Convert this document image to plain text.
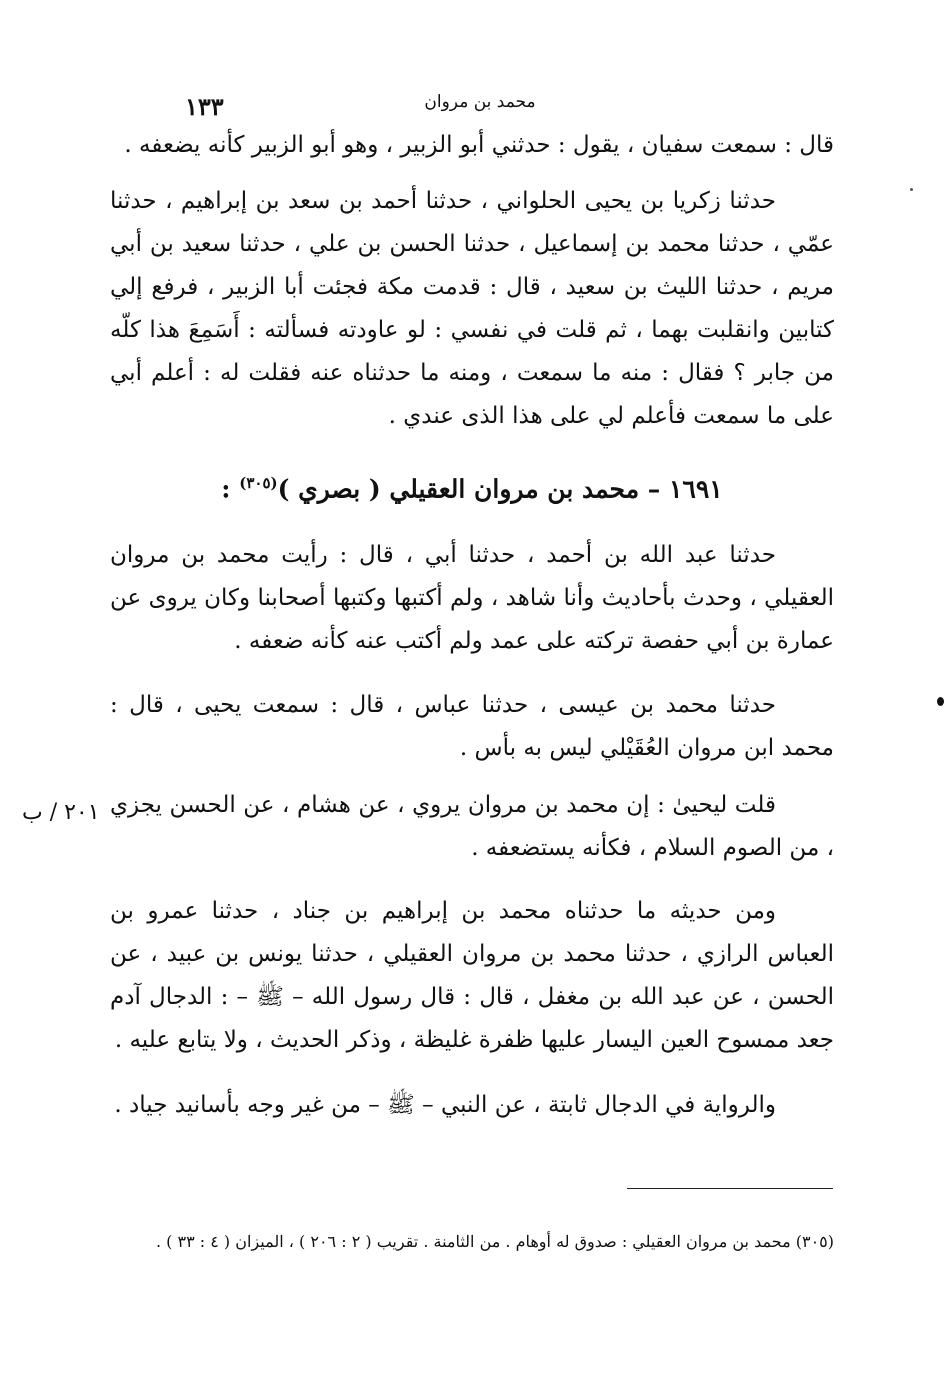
محمد بن مروان
١٣٣

قال : سمعت سفيان ، يقول : حدثني أبو الزبير ، وهو أبو الزبير كأنه يضعفه .

حدثنا زكريا بن يحيى الحلواني ، حدثنا أحمد بن سعد بن إبراهيم ، حدثنا عمّي ، حدثنا محمد بن إسماعيل ، حدثنا الحسن بن علي ، حدثنا سعيد بن أبي مريم ، حدثنا الليث بن سعيد ، قال : قدمت مكة فجئت أبا الزبير ، فرفع إلي كتابين وانقلبت بهما ، ثم قلت في نفسي : لو عاودته فسألته : أَسَمِعَ هذا كلّه من جابر ؟ فقال : منه ما سمعت ، ومنه ما حدثناه عنه فقلت له : أعلم أبي على ما سمعت فأعلم لي على هذا الذى عندي .

١٦٩١ – محمد بن مروان العقيلي ( بصري )$^{(٣٠٥)}$ :

حدثنا عبد الله بن أحمد ، حدثنا أبي ، قال : رأيت محمد بن مروان العقيلي ، وحدث بأحاديث وأنا شاهد ، ولم أكتبها وكتبها أصحابنا وكان يروى عن عمارة بن أبي حفصة تركته على عمد ولم أكتب عنه كأنه ضعفه .

حدثنا محمد بن عيسى ، حدثنا عباس ، قال : سمعت يحيى ، قال : محمد ابن مروان العُقَيْلي ليس به بأس .

قلت ليحيىٰ : إن محمد بن مروان يروي ، عن هشام ، عن الحسن يجزي ، من الصوم السلام ، فكأنه يستضعفه .

٢٠١ / ب

ومن حديثه ما حدثناه محمد بن إبراهيم بن جناد ، حدثنا عمرو بن العباس الرازي ، حدثنا محمد بن مروان العقيلي ، حدثنا يونس بن عبيد ، عن الحسن ، عن عبد الله بن مغفل ، قال : قال رسول الله – ﷺ – : الدجال آدم جعد ممسوح العين اليسار عليها ظفرة غليظة ، وذكر الحديث ، ولا يتابع عليه .

والرواية في الدجال ثابتة ، عن النبي – ﷺ – من غير وجه بأسانيد جياد .

(٣٠٥) محمد بن مروان العقيلي : صدوق له أوهام . من الثامنة . تقريب ( ٢ : ٢٠٦ ) ، الميزان ( ٤ : ٣٣ ) .
